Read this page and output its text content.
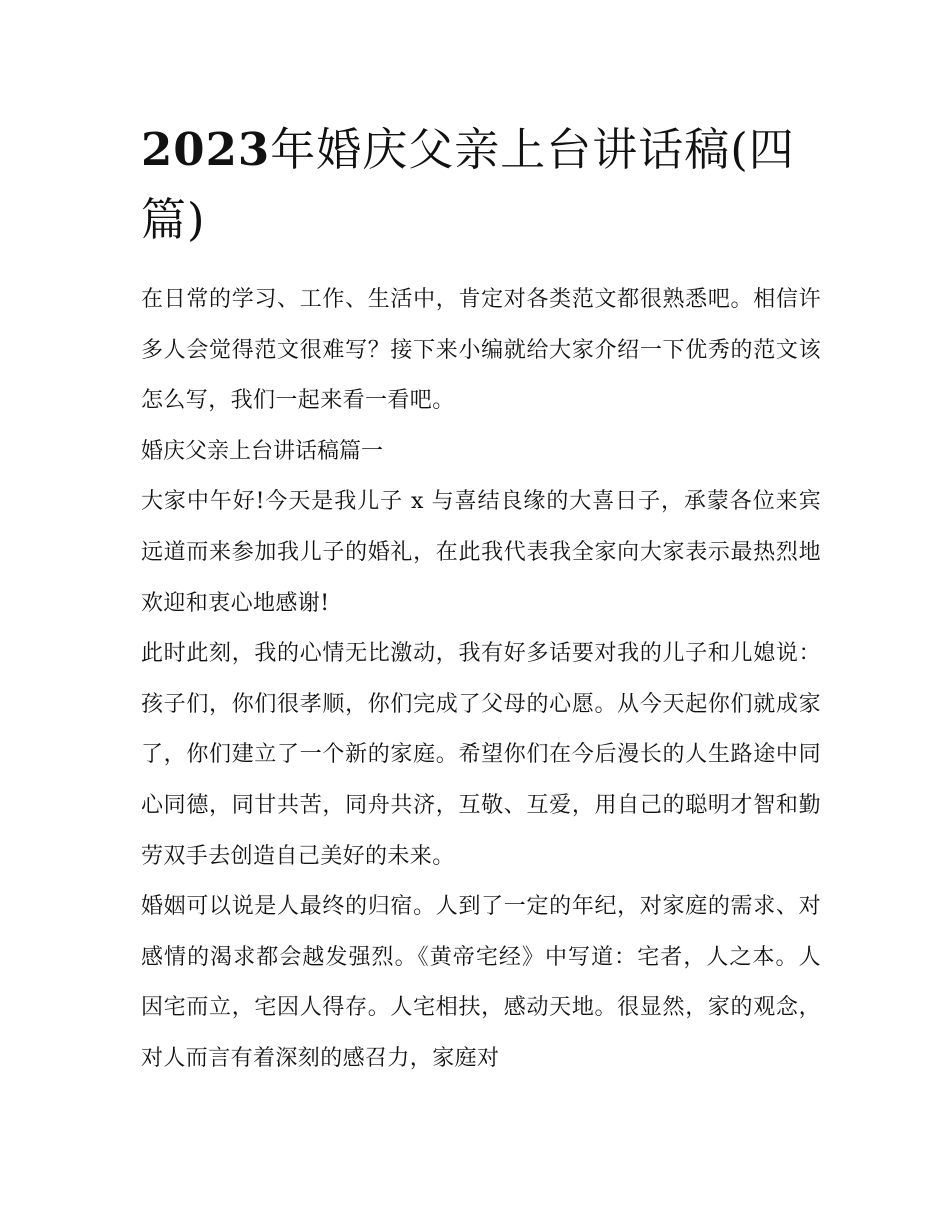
2023年婚庆父亲上台讲话稿(四篇)

在日常的学习、工作、生活中，肯定对各类范文都很熟悉吧。相信许多人会觉得范文很难写？接下来小编就给大家介绍一下优秀的范文该怎么写，我们一起来看一看吧。

婚庆父亲上台讲话稿篇一

大家中午好!今天是我儿子 x 与喜结良缘的大喜日子，承蒙各位来宾远道而来参加我儿子的婚礼，在此我代表我全家向大家表示最热烈地欢迎和衷心地感谢!

此时此刻，我的心情无比激动，我有好多话要对我的儿子和儿媳说：孩子们，你们很孝顺，你们完成了父母的心愿。从今天起你们就成家了，你们建立了一个新的家庭。希望你们在今后漫长的人生路途中同心同德，同甘共苦，同舟共济，互敬、互爱，用自己的聪明才智和勤劳双手去创造自己美好的未来。

婚姻可以说是人最终的归宿。人到了一定的年纪，对家庭的需求、对感情的渴求都会越发强烈。《黄帝宅经》中写道：宅者，人之本。人因宅而立，宅因人得存。人宅相扶，感动天地。很显然，家的观念，对人而言有着深刻的感召力，家庭对
